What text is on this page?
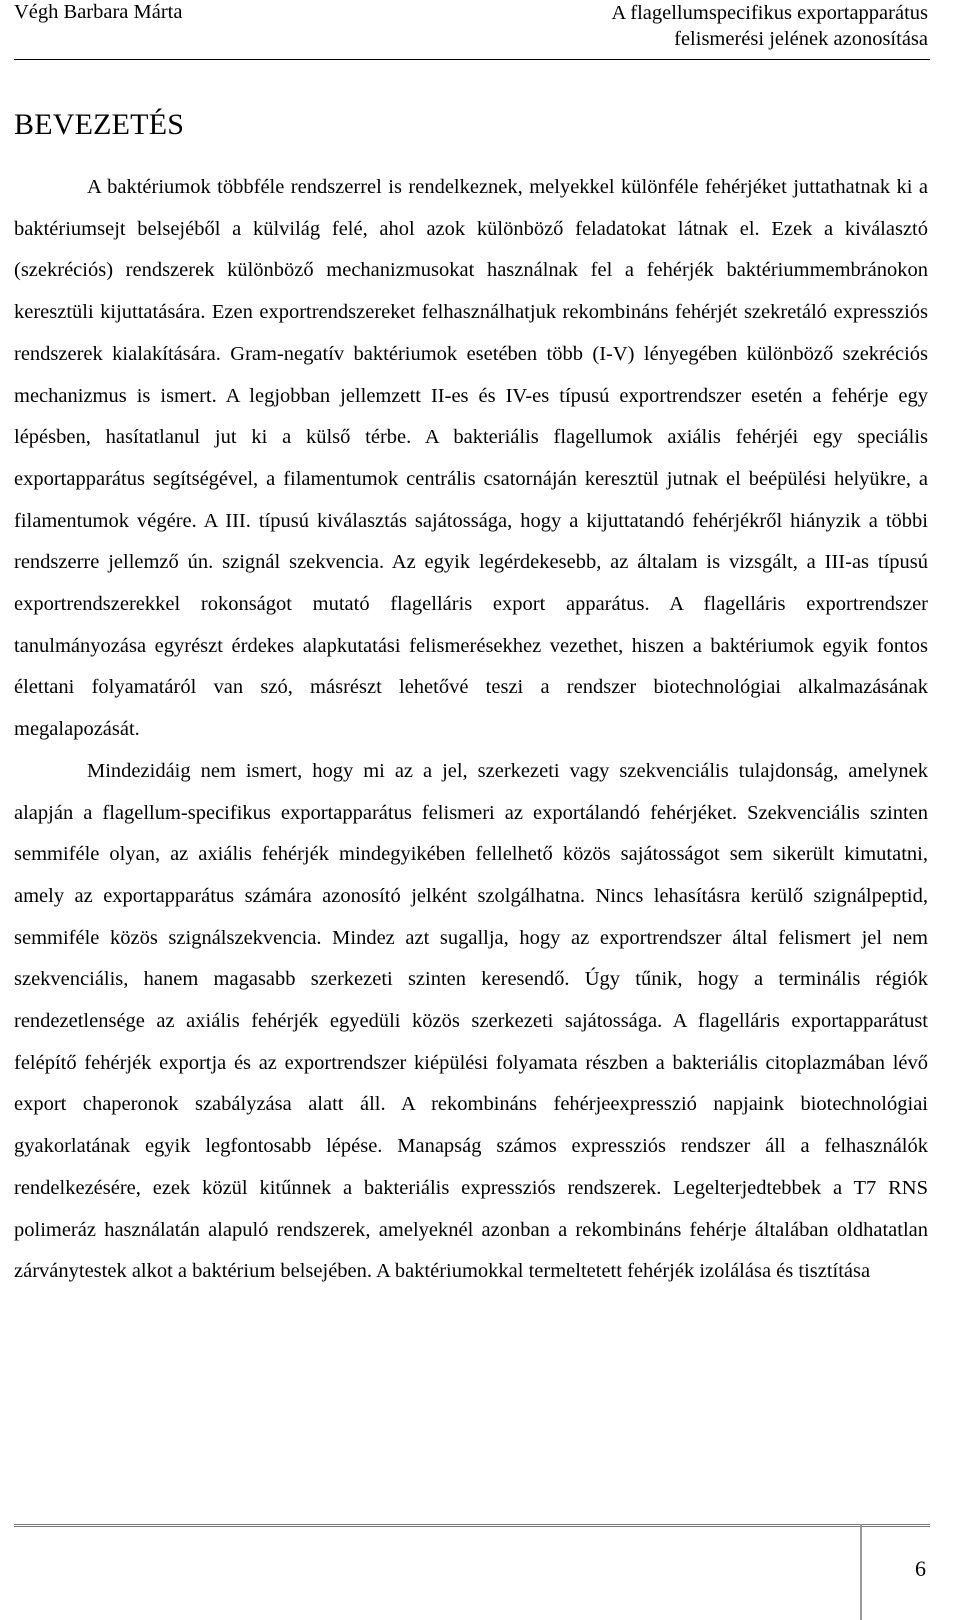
Végh Barbara Márta	A flagellumspecifikus exportapparátus
felismerési jelének azonosítása
BEVEZETÉS

A baktériumok többféle rendszerrel is rendelkeznek, melyekkel különféle fehérjéket juttathatnak ki a baktériumsejt belsejéből a külvilág felé, ahol azok különböző feladatokat látnak el. Ezek a kiválasztó (szekréciós) rendszerek különböző mechanizmusokat használnak fel a fehérjék baktériummembránokon keresztüli kijuttatására. Ezen exportrendszereket felhasználhatjuk rekombináns fehérjét szekretáló expressziós rendszerek kialakítására. Gram-negatív baktériumok esetében több (I-V) lényegében különböző szekréciós mechanizmus is ismert. A legjobban jellemzett II-es és IV-es típusú exportrendszer esetén a fehérje egy lépésben, hasítatlanul jut ki a külső térbe. A bakteriális flagellumok axiális fehérjéi egy speciális exportapparátus segítségével, a filamentumok centrális csatornáján keresztül jutnak el beépülési helyükre, a filamentumok végére. A III. típusú kiválasztás sajátossága, hogy a kijuttatandó fehérjékről hiányzik a többi rendszerre jellemző ún. szignál szekvencia. Az egyik legérdekesebb, az általam is vizsgált, a III-as típusú exportrendszerekkel rokonságot mutató flagelláris export apparátus. A flagelláris exportrendszer tanulmányozása egyrészt érdekes alapkutatási felismerésekhez vezethet, hiszen a baktériumok egyik fontos élettani folyamatáról van szó, másrészt lehetővé teszi a rendszer biotechnológiai alkalmazásának megalapozását.

Mindezidáig nem ismert, hogy mi az a jel, szerkezeti vagy szekvenciális tulajdonság, amelynek alapján a flagellum-specifikus exportapparátus felismeri az exportálandó fehérjéket. Szekvenciális szinten semmiféle olyan, az axiális fehérjék mindegyikében fellelhető közös sajátosságot sem sikerült kimutatni, amely az exportapparátus számára azonosító jelként szolgálhatna. Nincs lehasításra kerülő szignálpeptid, semmiféle közös szignálszekvencia. Mindez azt sugallja, hogy az exportrendszer által felismert jel nem szekvenciális, hanem magasabb szerkezeti szinten keresendő. Úgy tűnik, hogy a terminális régiók rendezetlensége az axiális fehérjék egyedüli közös szerkezeti sajátossága. A flagelláris exportapparátust felépítő fehérjék exportja és az exportrendszer kiépülési folyamata részben a bakteriális citoplazmában lévő export chaperonok szabályzása alatt áll. A rekombináns fehérjeexpresszió napjaink biotechnológiai gyakorlatának egyik legfontosabb lépése. Manapság számos expressziós rendszer áll a felhasználók rendelkezésére, ezek közül kitűnnek a bakteriális expressziós rendszerek. Legelterjedtebbek a T7 RNS polimeráz használatán alapuló rendszerek, amelyeknél azonban a rekombináns fehérje általában oldhatatlan zárványtestek alkot a baktérium belsejében. A baktériumokkal termeltetett fehérjék izolálása és tisztítása

6
